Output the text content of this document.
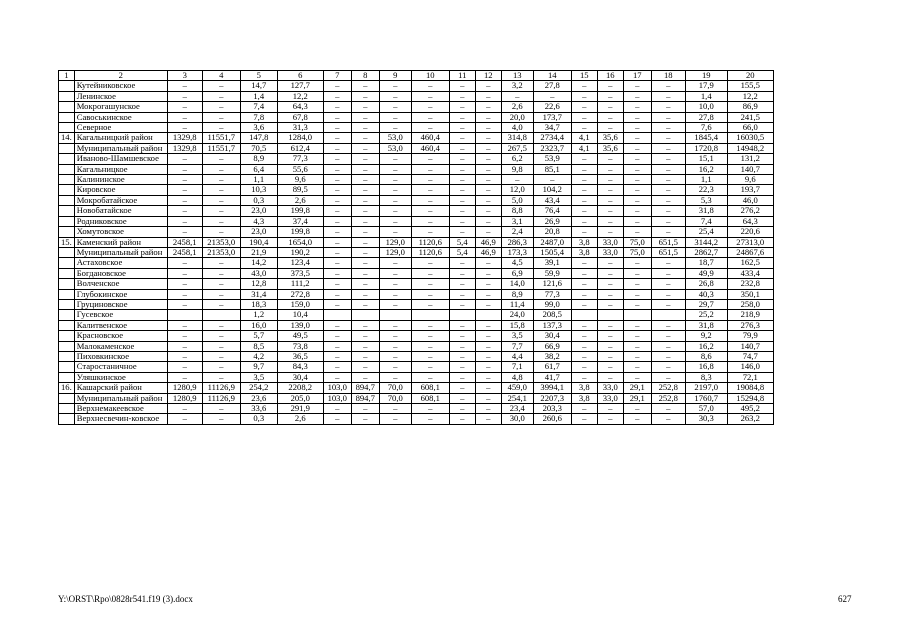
1	2	3	4	5	6	7	8	9	10	11	12	13	14	15	16	17	18	19	20
	Кутейниковское	–	–	14,7	127,7	–	–	–	–	–	–	3,2	27,8	–	–	–	–	17,9	155,5
	Ленинское	–	–	1,4	12,2	–	–	–	–	–	–	–	–	–	–	–	–	1,4	12,2
	Мокрогашунское	–	–	7,4	64,3	–	–	–	–	–	–	2,6	22,6	–	–	–	–	10,0	86,9
	Савоськинское	–	–	7,8	67,8	–	–	–	–	–	–	20,0	173,7	–	–	–	–	27,8	241,5
	Северное	–	–	3,6	31,3	–	–	–	–	–	–	4,0	34,7	–	–	–	–	7,6	66,0
14.	Кагальницкий район	1329,8	11551,7	147,8	1284,0	–	–	53,0	460,4	–	–	314,8	2734,4	4,1	35,6	–	–	1845,4	16030,5
	Муниципальный район	1329,8	11551,7	70,5	612,4	–	–	53,0	460,4	–	–	267,5	2323,7	4,1	35,6	–	–	1720,8	14948,2
	Иваново-Шамшевское	–	–	8,9	77,3	–	–	–	–	–	–	6,2	53,9	–	–	–	–	15,1	131,2
	Кагальницкое	–	–	6,4	55,6	–	–	–	–	–	–	9,8	85,1	–	–	–	–	16,2	140,7
	Калининское	–	–	1,1	9,6	–	–	–	–	–	–	–	–	–	–	–	–	1,1	9,6
	Кировское	–	–	10,3	89,5	–	–	–	–	–	–	12,0	104,2	–	–	–	–	22,3	193,7
	Мокробатайское	–	–	0,3	2,6	–	–	–	–	–	–	5,0	43,4	–	–	–	–	5,3	46,0
	Новобатайское	–	–	23,0	199,8	–	–	–	–	–	–	8,8	76,4	–	–	–	–	31,8	276,2
	Родниковское	–	–	4,3	37,4	–	–	–	–	–	–	3,1	26,9	–	–	–	–	7,4	64,3
	Хомутовское	–	–	23,0	199,8	–	–	–	–	–	–	2,4	20,8	–	–	–	–	25,4	220,6
15.	Каменский район	2458,1	21353,0	190,4	1654,0	–	–	129,0	1120,6	5,4	46,9	286,3	2487,0	3,8	33,0	75,0	651,5	3144,2	27313,0
	Муниципальный район	2458,1	21353,0	21,9	190,2	–	–	129,0	1120,6	5,4	46,9	173,3	1505,4	3,8	33,0	75,0	651,5	2862,7	24867,6
	Астаховское	–	–	14,2	123,4	–	–	–	–	–	–	4,5	39,1	–	–	–	–	18,7	162,5
	Богдановское	–	–	43,0	373,5	–	–	–	–	–	–	6,9	59,9	–	–	–	–	49,9	433,4
	Волченское	–	–	12,8	111,2	–	–	–	–	–	–	14,0	121,6	–	–	–	–	26,8	232,8
	Глубокинское	–	–	31,4	272,8	–	–	–	–	–	–	8,9	77,3	–	–	–	–	40,3	350,1
	Груциновское	–	–	18,3	159,0	–	–	–	–	–	–	11,4	99,0	–	–	–	–	29,7	258,0
	Гусевское			1,2	10,4							24,0	208,5					25,2	218,9
	Калитвенское	–	–	16,0	139,0	–	–	–	–	–	–	15,8	137,3	–	–	–	–	31,8	276,3
	Красновское	–	–	5,7	49,5	–	–	–	–	–	–	3,5	30,4	–	–	–	–	9,2	79,9
	Малокаменское	–	–	8,5	73,8	–	–	–	–	–	–	7,7	66,9	–	–	–	–	16,2	140,7
	Пиховкинское	–	–	4,2	36,5	–	–	–	–	–	–	4,4	38,2	–	–	–	–	8,6	74,7
	Старостаничное	–	–	9,7	84,3	–	–	–	–	–	–	7,1	61,7	–	–	–	–	16,8	146,0
	Уляшкинское	–	–	3,5	30,4	–	–	–	–	–	–	4,8	41,7	–	–	–	–	8,3	72,1
16.	Кашарский район	1280,9	11126,9	254,2	2208,2	103,0	894,7	70,0	608,1	–	–	459,0	3994,1	3,8	33,0	29,1	252,8	2197,0	19084,8
	Муниципальный район	1280,9	11126,9	23,6	205,0	103,0	894,7	70,0	608,1	–	–	254,1	2207,3	3,8	33,0	29,1	252,8	1760,7	15294,8
	Верхнемакеевское	–	–	33,6	291,9	–	–	–	–	–	–	23,4	203,3	–	–	–	–	57,0	495,2
	Верхнесвечин-ковское	–	–	0,3	2,6	–	–	–	–	–	–	30,0	260,6	–	–	–	–	30,3	263,2
Y:\ORST\Rpo\0828r541.f19 (3).docx	627
